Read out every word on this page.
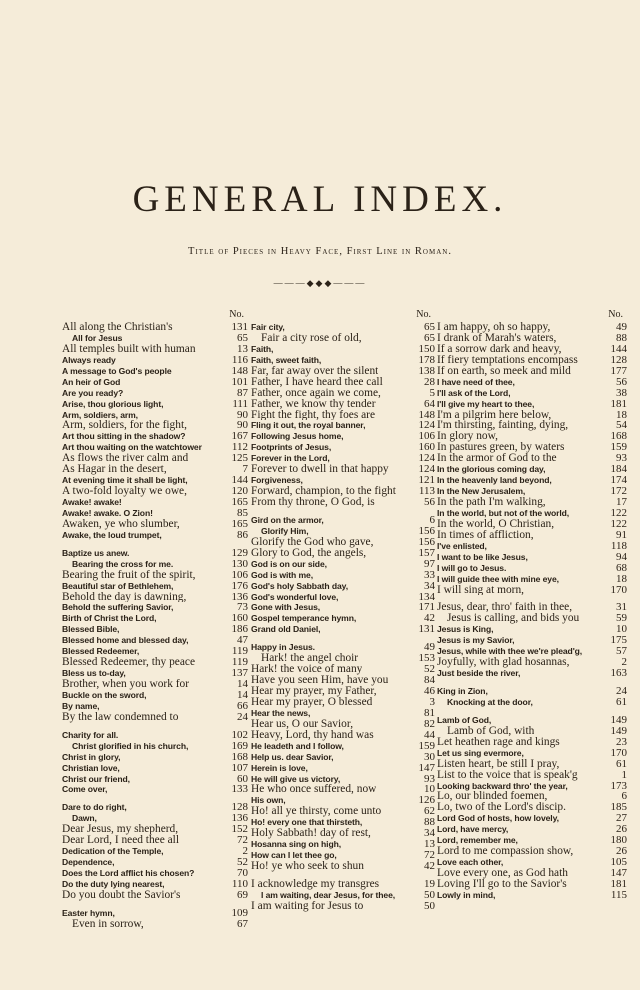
GENERAL INDEX.
Title of Pieces in Heavy Face, First Line in Roman.
———◆◆◆———
No.
All along the Christian's	131
All for Jesus	65
All temples built with human	13
Always ready	116
A message to God's people	148
An heir of God	101
Are you ready?	87
Arise, thou glorious light,	111
Arm, soldiers, arm,	90
Arm, soldiers, for the fight,	90
Art thou sitting in the shadow?	167
Art thou waiting on the watchtower	112
As flows the river calm and	125
As Hagar in the desert,	7
At evening time it shall be light,	144
A two-fold loyalty we owe,	120
Awake! awake!	165
Awake! awake. O Zion!	85
Awaken, ye who slumber,	165
Awake, the loud trumpet,	86
Baptize us anew.	129
Bearing the cross for me.	130
Bearing the fruit of the spirit,	106
Beautiful star of Bethlehem,	176
Behold the day is dawning,	136
Behold the suffering Savior,	73
Birth of Christ the Lord,	160
Blessed Bible,	186
Blessed home and blessed day,	47
Blessed Redeemer,	119
Blessed Redeemer, thy peace	119
Bless us to-day,	137
Brother, when you work for	14
Buckle on the sword,	14
By name,	66
By the law condemned to	24
Charity for all.	102
Christ glorified in his church,	169
Christ in glory,	168
Christian love,	107
Christ our friend,	60
Come over,	133
Dare to do right,	128
Dawn,	136
Dear Jesus, my shepherd,	152
Dear Lord, I need thee all	72
Dedication of the Temple,	2
Dependence,	52
Does the Lord afflict his chosen?	70
Do the duty lying nearest,	110
Do you doubt the Savior's	69
Easter hymn,	109
Even in sorrow,	67
No.
Fair city,	65
Fair a city rose of old,	65
Faith,	150
Faith, sweet faith,	178
Far, far away over the silent	138
Father, I have heard thee call	28
Father, once again we come,	5
Father, we know thy tender	64
Fight the fight, thy foes are	148
Fling it out, the royal banner,	124
Following Jesus home,	106
Footprints of Jesus,	160
Forever in the Lord,	124
Forever to dwell in that happy	124
Forgiveness,	121
Forward, champion, to the fight 113
From thy throne, O God, is	56
Gird on the armor,	6
Glorify Him,	156
Glorify the God who gave,	156
Glory to God, the angels,	157
God is on our side,	97
God is with me,	33
God's holy Sabbath day,	34
God's wonderful love,	134
Gone with Jesus,	171
Gospel temperance hymn,	42
Grand old Daniel,	131
Happy in Jesus.	49
Hark! the angel choir	153
Hark! the voice of many	52
Have you seen Him, have you	84
Hear my prayer, my Father,	46
Hear my prayer, O blessed	3
Hear the news,	81
Hear us, O our Savior,	82
Heavy, Lord, thy hand was	44
He leadeth and I follow,	159
Help us. dear Savior,	30
Herein is love,	147
He will give us victory,	93
He who once suffered, now	10
His own,	126
Ho! all ye thirsty, come unto	62
Ho! every one that thirsteth,	88
Holy Sabbath! day of rest,	34
Hosanna sing on high,	13
How can I let thee go,	72
Ho! ye who seek to shun	42
I acknowledge my transgres	19
I am waiting, dear Jesus, for thee,	50
I am waiting for Jesus to	50
No.
I am happy, oh so happy,	49
I drank of Marah's waters,	88
If a sorrow dark and heavy,	144
If fiery temptations encompass	128
If on earth, so meek and mild	177
I have need of thee,	56
I'll ask of the Lord,	38
I'll give my heart to thee,	181
I'm a pilgrim here below,	18
I'm thirsting, fainting, dying,	54
In glory now,	168
In pastures green, by waters	159
In the armor of God to the	93
In the glorious coming day,	184
In the heavenly land beyond,	174
In the New Jerusalem,	172
In the path I'm walking,	17
In the world, but not of the world,	122
In the world, O Christian,	122
In times of affliction,	91
I've enlisted,	118
I want to be like Jesus,	94
I will go to Jesus.	68
I will guide thee with mine eye,	18
I will sing at morn,	170
Jesus, dear, thro' faith in thee,	31
Jesus is calling, and bids you	59
Jesus is King,	10
Jesus is my Savior,	175
Jesus, while with thee we're plead'g,	57
Joyfully, with glad hosannas,	2
Just beside the river,	163
King in Zion,	24
Knocking at the door,	61
Lamb of God,	149
Lamb of God, with	149
Let heathen rage and kings	23
Let us sing evermore,	170
Listen heart, be still I pray,	61
List to the voice that is speak'g	1
Looking backward thro' the year,	173
Lo, our blinded foemen,	6
Lo, two of the Lord's discip.	185
Lord God of hosts, how lovely,	27
Lord, have mercy,	26
Lord, remember me,	180
Lord to me compassion show,	26
Love each other,	105
Love every one, as God hath	147
Loving I'll go to the Savior's	181
Lowly in mind,	115
